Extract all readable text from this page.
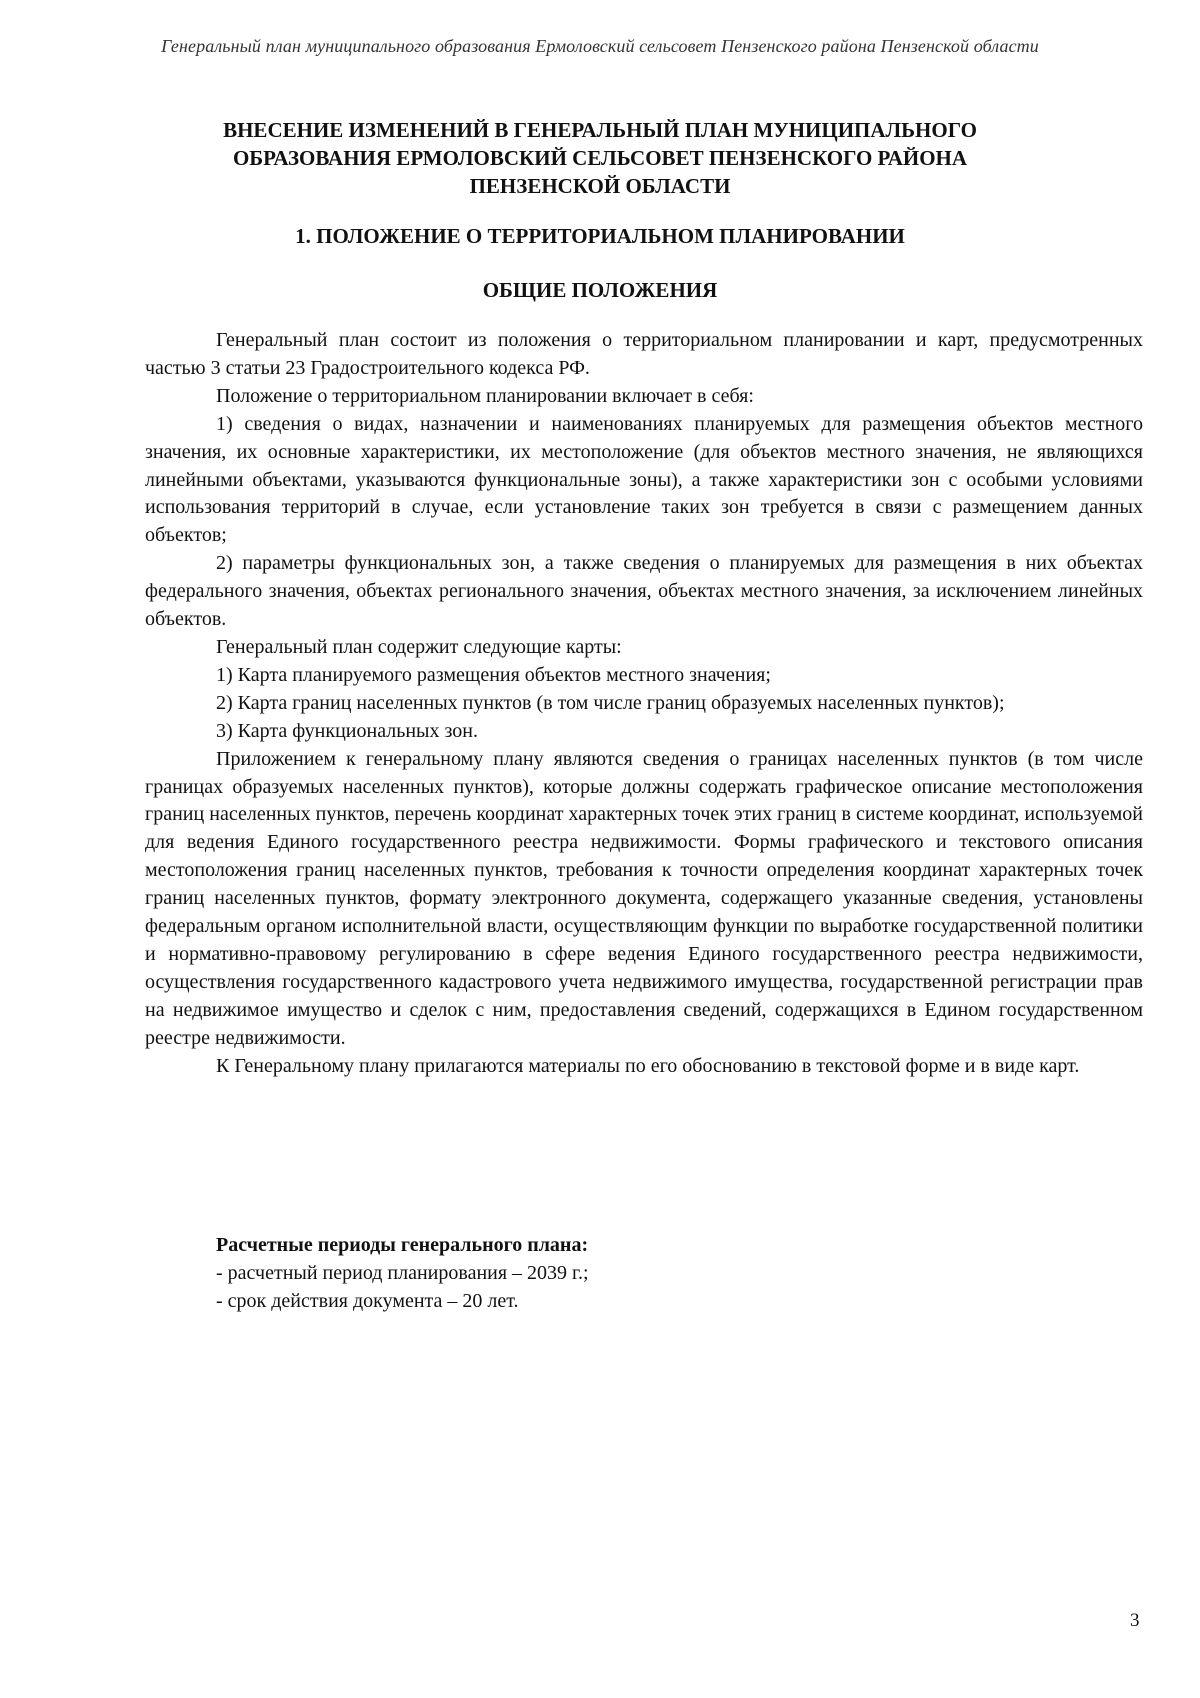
Генеральный план муниципального образования Ермоловский сельсовет Пензенского района Пензенской области
ВНЕСЕНИЕ ИЗМЕНЕНИЙ В ГЕНЕРАЛЬНЫЙ ПЛАН МУНИЦИПАЛЬНОГО
ОБРАЗОВАНИЯ ЕРМОЛОВСКИЙ СЕЛЬСОВЕТ ПЕНЗЕНСКОГО РАЙОНА
ПЕНЗЕНСКОЙ ОБЛАСТИ
1. ПОЛОЖЕНИЕ О ТЕРРИТОРИАЛЬНОМ ПЛАНИРОВАНИИ
ОБЩИЕ ПОЛОЖЕНИЯ

Генеральный план состоит из положения о территориальном планировании и карт, предусмотренных частью 3 статьи 23 Градостроительного кодекса РФ.

Положение о территориальном планировании включает в себя:

1) сведения о видах, назначении и наименованиях планируемых для размещения объектов местного значения, их основные характеристики, их местоположение (для объектов местного значения, не являющихся линейными объектами, указываются функциональные зоны), а также характеристики зон с особыми условиями использования территорий в случае, если установление таких зон требуется в связи с размещением данных объектов;

2) параметры функциональных зон, а также сведения о планируемых для размещения в них объектах федерального значения, объектах регионального значения, объектах местного значения, за исключением линейных объектов.

Генеральный план содержит следующие карты:

1) Карта планируемого размещения объектов местного значения;

2) Карта границ населенных пунктов (в том числе границ образуемых населенных пунктов);

3) Карта функциональных зон.

Приложением к генеральному плану являются сведения о границах населенных пунктов (в том числе границах образуемых населенных пунктов), которые должны содержать графическое описание местоположения границ населенных пунктов, перечень координат характерных точек этих границ в системе координат, используемой для ведения Единого государственного реестра недвижимости. Формы графического и текстового описания местоположения границ населенных пунктов, требования к точности определения координат характерных точек границ населенных пунктов, формату электронного документа, содержащего указанные сведения, установлены федеральным органом исполнительной власти, осуществляющим функции по выработке государственной политики и нормативно-правовому регулированию в сфере ведения Единого государственного реестра недвижимости, осуществления государственного кадастрового учета недвижимого имущества, государственной регистрации прав на недвижимое имущество и сделок с ним, предоставления сведений, содержащихся в Едином государственном реестре недвижимости.

К Генеральному плану прилагаются материалы по его обоснованию в текстовой форме и в виде карт.

Расчетные периоды генерального плана:

- расчетный период планирования – 2039 г.;

- срок действия документа – 20 лет.

3
